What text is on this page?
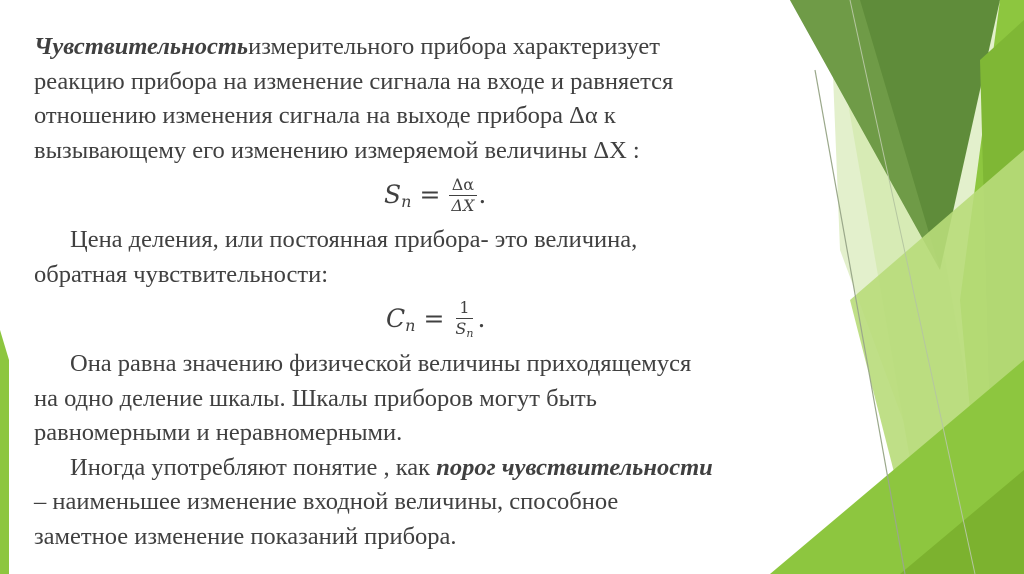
Чувствительностьизмерительного прибора характеризует
реакцию прибора на изменение сигнала на входе и равняется
отношению изменения сигнала на выходе прибора Δα к
вызывающему его изменению измеряемой величины ΔX :
S $n = \frac{\Delta\alpha}{\Delta X}$ .
Цена деления, или постоянная прибора- это величина,
обратная чувствительности:
C $n = \frac{1}{Sn}$ .
Она равна значению физической величины приходящемуся
на одно деление шкалы. Шкалы приборов могут быть
равномерными и неравномерными.
Иногда употребляют понятие , как порог чувствительности
– наименьшее изменение входной величины, способное
заметное изменение показаний прибора.
